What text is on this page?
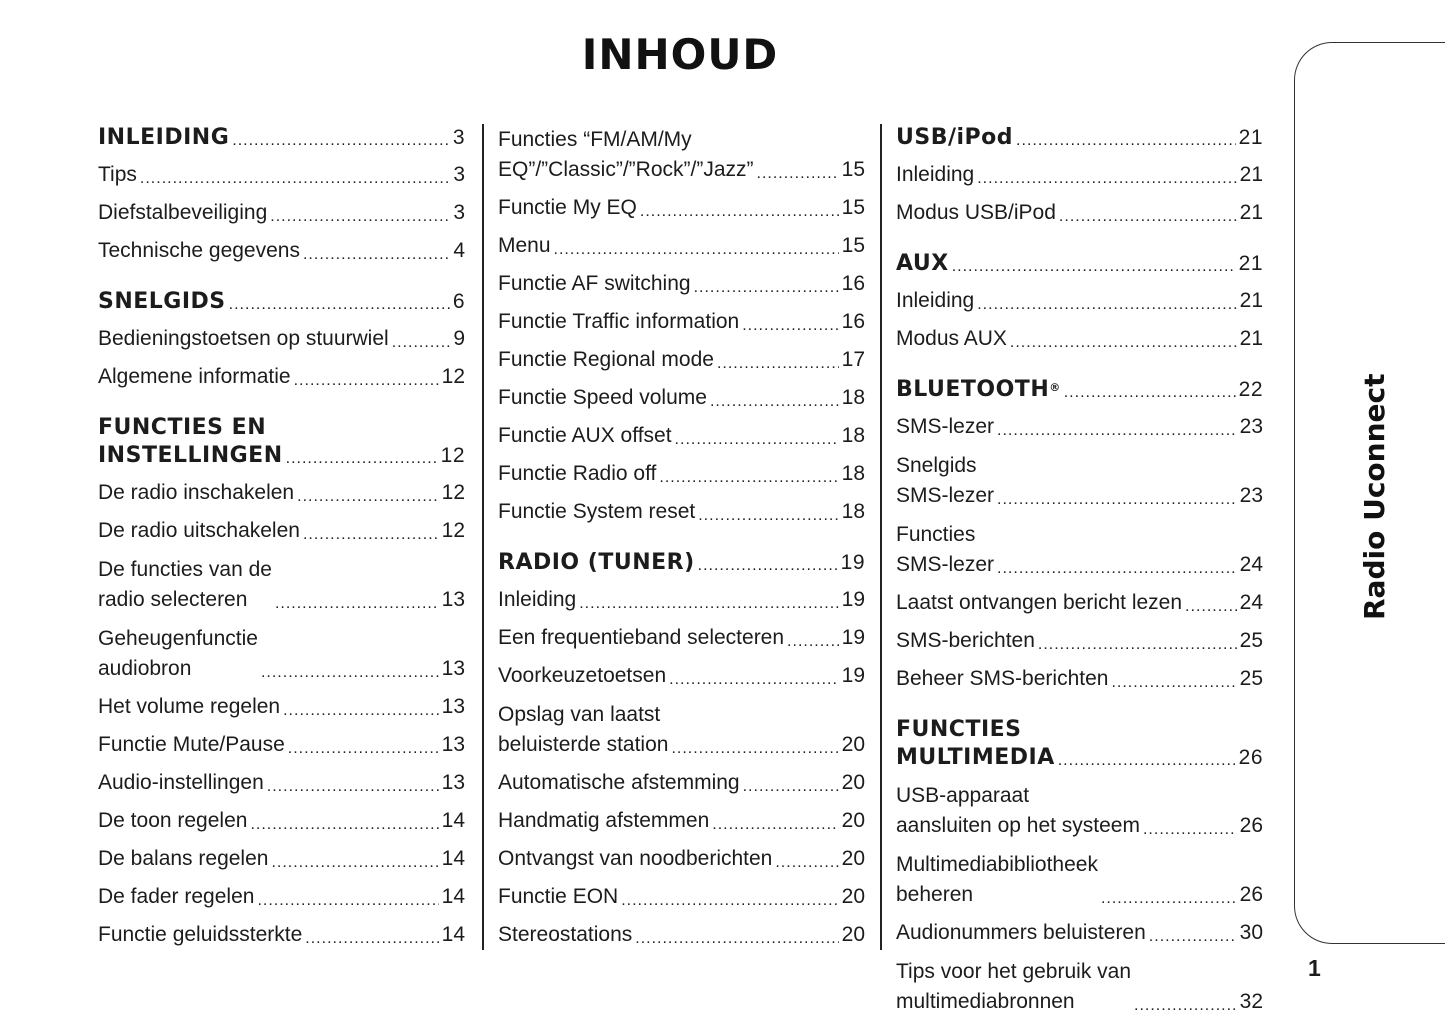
INHOUD
INLEIDING .....	3
Tips .....	3
Diefstalbeveiliging .....	3
Technische gegevens .....	4
SNELGIDS .....	6
Bedieningstoetsen op stuurwiel .....	9
Algemene informatie .....	12
FUNCTIES EN
INSTELLINGEN .....	12
De radio inschakelen .....	12
De radio uitschakelen .....	12
De functies van de
radio selecteren .....	13
Geheugenfunctie
audiobron .....	13
Het volume regelen .....	13
Functie Mute/Pause .....	13
Audio-instellingen .....	13
De toon regelen .....	14
De balans regelen .....	14
De fader regelen .....	14
Functie geluidssterkte .....	14
Functies “FM/AM/My
EQ”/”Classic”/”Rock”/”Jazz” .....	15
Functie My EQ .....	15
Menu .....	15
Functie AF switching .....	16
Functie Traffic information .....	16
Functie Regional mode .....	17
Functie Speed volume .....	18
Functie AUX offset .....	18
Functie Radio off .....	18
Functie System reset .....	18
RADIO (TUNER) .....	19
Inleiding .....	19
Een frequentieband selecteren .....	19
Voorkeuzetoetsen .....	19
Opslag van laatst
beluisterde station .....	20
Automatische afstemming .....	20
Handmatig afstemmen .....	20
Ontvangst van noodberichten .....	20
Functie EON .....	20
Stereostations .....	20
USB/iPod .....	21
Inleiding .....	21
Modus USB/iPod .....	21
AUX .....	21
Inleiding .....	21
Modus AUX .....	21
BLUETOOTH® .....	22
SMS-lezer .....	23
Snelgids
SMS-lezer .....	23
Functies
SMS-lezer .....	24
Laatst ontvangen bericht lezen .....	24
SMS-berichten .....	25
Beheer SMS-berichten .....	25
FUNCTIES
MULTIMEDIA .....	26
USB-apparaat
aansluiten op het systeem .....	26
Multimediabibliotheek
beheren .....	26
Audionummers beluisteren .....	30
Tips voor het gebruik van
multimediabronnen .....	32
Radio Uconnect
1
